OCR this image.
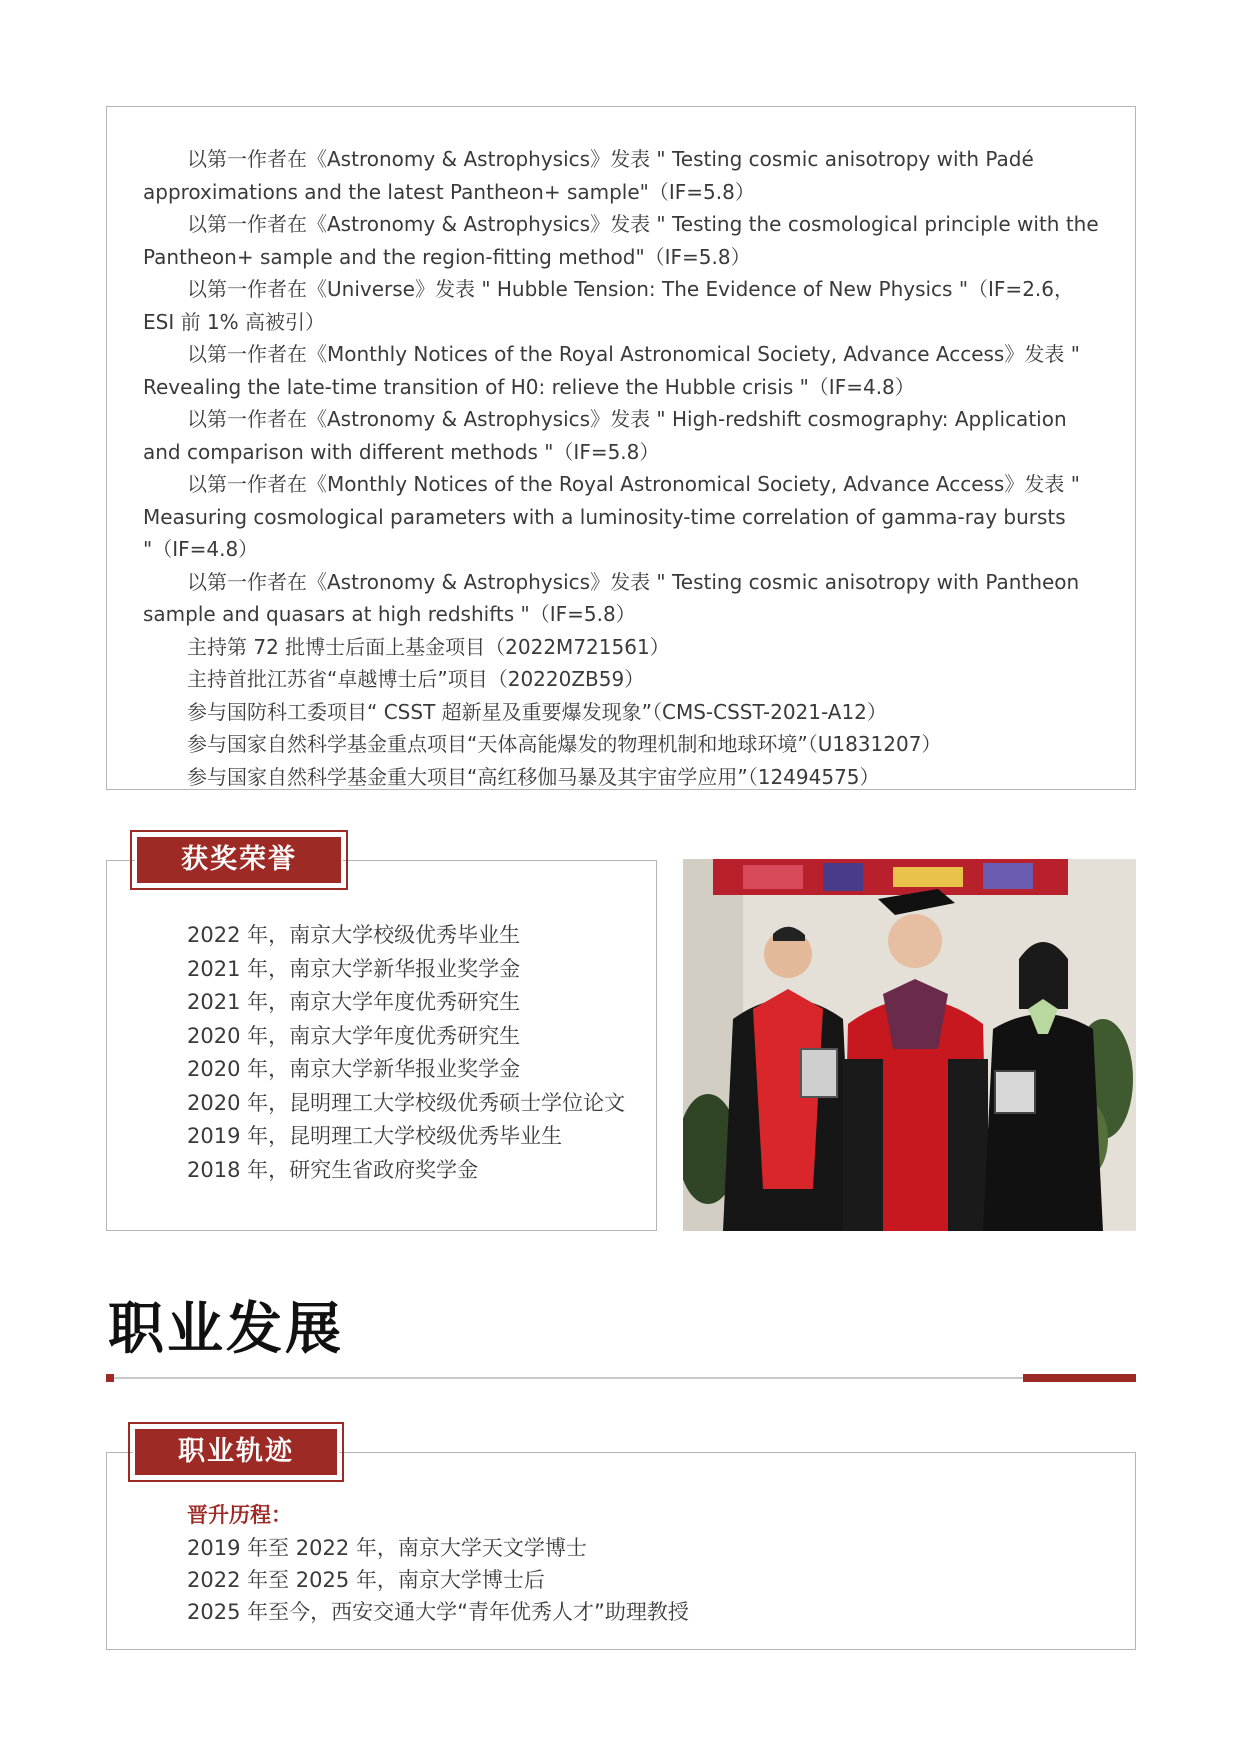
以第一作者在《Astronomy & Astrophysics》发表 " Testing cosmic anisotropy with Padé approximations and the latest Pantheon+ sample"（IF=5.8）
以第一作者在《Astronomy & Astrophysics》发表 " Testing the cosmological principle with the Pantheon+ sample and the region-fitting method"（IF=5.8）
以第一作者在《Universe》发表 " Hubble Tension: The Evidence of New Physics "（IF=2.6，ESI 前 1% 高被引）
以第一作者在《Monthly Notices of the Royal Astronomical Society, Advance Access》发表 " Revealing the late-time transition of H0: relieve the Hubble crisis "（IF=4.8）
以第一作者在《Astronomy & Astrophysics》发表 " High-redshift cosmography: Application and comparison with different methods "（IF=5.8）
以第一作者在《Monthly Notices of the Royal Astronomical Society, Advance Access》发表 " Measuring cosmological parameters with a luminosity-time correlation of gamma-ray bursts "（IF=4.8）
以第一作者在《Astronomy & Astrophysics》发表 " Testing cosmic anisotropy with Pantheon sample and quasars at high redshifts "（IF=5.8）
主持第 72 批博士后面上基金项目（2022M721561）
主持首批江苏省“卓越博士后”项目（20220ZB59）
参与国防科工委项目“ CSST 超新星及重要爆发现象”（CMS-CSST-2021-A12）
参与国家自然科学基金重点项目“天体高能爆发的物理机制和地球环境”（U1831207）
参与国家自然科学基金重大项目“高红移伽马暴及其宇宙学应用”（12494575）
2022 年，南京大学校级优秀毕业生
2021 年，南京大学新华报业奖学金
2021 年，南京大学年度优秀研究生
2020 年，南京大学年度优秀研究生
2020 年，南京大学新华报业奖学金
2020 年，昆明理工大学校级优秀硕士学位论文
2019 年，昆明理工大学校级优秀毕业生
2018 年，研究生省政府奖学金
获奖荣誉
职业发展
晋升历程：
2019 年至 2022 年，南京大学天文学博士
2022 年至 2025 年，南京大学博士后
2025 年至今，西安交通大学“青年优秀人才”助理教授
职业轨迹
